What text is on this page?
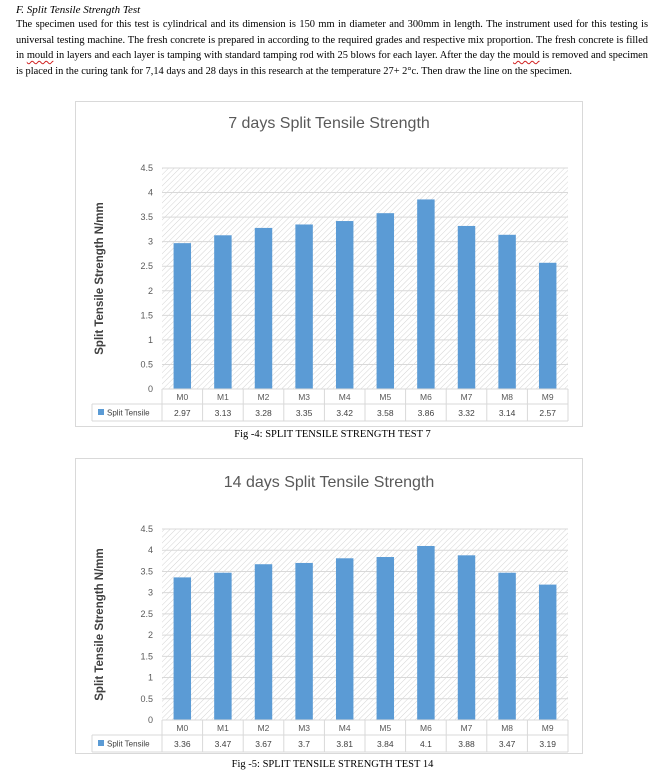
F. Split Tensile Strength Test
The specimen used for this test is cylindrical and its dimension is 150 mm in diameter and 300mm in length. The instrument used for this testing is universal testing machine. The fresh concrete is prepared in according to the required grades and respective mix proportion. The fresh concrete is filled in mould in layers and each layer is tamping with standard tamping rod with 25 blows for each layer. After the day the mould is removed and specimen is placed in the curing tank for 7,14 days and 28 days in this research at the temperature 27+ 2°c. Then draw the line on the specimen.
7 days Split Tensile Strength
Split Tensile Strength N/mm
0
0.5
1
1.5
2
2.5
3
3.5
4
4.5
M0	M1	M2	M3	M4	M5	M6	M7	M8	M9
2.97	3.13	3.28	3.35	3.42	3.58	3.86	3.32	3.14	2.57
Split Tensile
Fig -4: SPLIT TENSILE STRENGTH TEST 7
14 days Split Tensile Strength
Split Tensile Strength N/mm
0
0.5
1
1.5
2
2.5
3
3.5
4
4.5
M0	M1	M2	M3	M4	M5	M6	M7	M8	M9
3.36	3.47	3.67	3.7	3.81	3.84	4.1	3.88	3.47	3.19
Split Tensile
Fig -5: SPLIT TENSILE STRENGTH TEST 14
